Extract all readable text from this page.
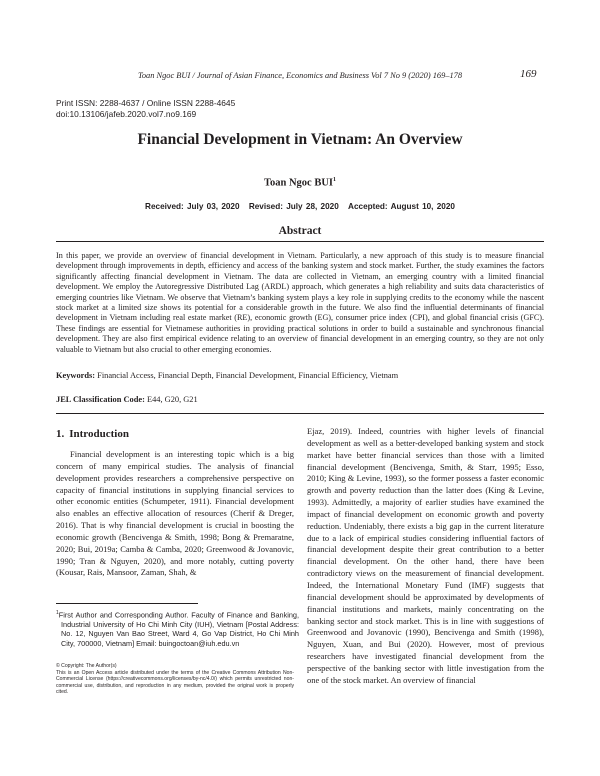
Toan Ngoc BUI / Journal of Asian Finance, Economics and Business Vol 7 No 9 (2020) 169–178	169
Print ISSN: 2288-4637 / Online ISSN 2288-4645
doi:10.13106/jafeb.2020.vol7.no9.169
Financial Development in Vietnam: An Overview
Toan Ngoc BUI$^1$
Received: July 03, 2020 Revised: July 28, 2020 Accepted: August 10, 2020
Abstract

In this paper, we provide an overview of financial development in Vietnam. Particularly, a new approach of this study is to measure financial development through improvements in depth, efficiency and access of the banking system and stock market. Further, the study examines the factors significantly affecting financial development in Vietnam. The data are collected in Vietnam, an emerging country with a limited financial development. We employ the Autoregressive Distributed Lag (ARDL) approach, which generates a high reliability and suits data characteristics of emerging countries like Vietnam. We observe that Vietnam’s banking system plays a key role in supplying credits to the economy while the nascent stock market at a limited size shows its potential for a considerable growth in the future. We also find the influential determinants of financial development in Vietnam including real estate market (RE), economic growth (EG), consumer price index (CPI), and global financial crisis (GFC). These findings are essential for Vietnamese authorities in providing practical solutions in order to build a sustainable and synchronous financial development. They are also first empirical evidence relating to an overview of financial development in an emerging country, so they are not only valuable to Vietnam but also crucial to other emerging economies.

Keywords: Financial Access, Financial Depth, Financial Development, Financial Efficiency, Vietnam
JEL Classification Code: E44, G20, G21
1. Introduction

Financial development is an interesting topic which is a big concern of many empirical studies. The analysis of financial development provides researchers a comprehensive perspective on capacity of financial institutions in supplying financial services to other economic entities (Schumpeter, 1911). Financial development also enables an effective allocation of resources (Cherif & Dreger, 2016). That is why financial development is crucial in boosting the economic growth (Bencivenga & Smith, 1998; Bong & Premaratne, 2020; Bui, 2019a; Camba & Camba, 2020; Greenwood & Jovanovic, 1990; Tran & Nguyen, 2020), and more notably, cutting poverty (Kousar, Rais, Mansoor, Zaman, Shah, &

Ejaz, 2019). Indeed, countries with higher levels of financial development as well as a better-developed banking system and stock market have better financial services than those with a limited financial development (Bencivenga, Smith, & Starr, 1995; Esso, 2010; King & Levine, 1993), so the former possess a faster economic growth and poverty reduction than the latter does (King & Levine, 1993). Admittedly, a majority of earlier studies have examined the impact of financial development on economic growth and poverty reduction. Undeniably, there exists a big gap in the current literature due to a lack of empirical studies considering influential factors of financial development despite their great contribution to a better financial development. On the other hand, there have been contradictory views on the measurement of financial development. Indeed, the International Monetary Fund (IMF) suggests that financial development should be approximated by developments of financial institutions and markets, mainly concentrating on the banking sector and stock market. This is in line with suggestions of Greenwood and Jovanovic (1990), Bencivenga and Smith (1998), Nguyen, Xuan, and Bui (2020). However, most of previous researchers have investigated financial development from the perspective of the banking sector with little investigation from the one of the stock market. An overview of financial

$^1$First Author and Corresponding Author. Faculty of Finance and Banking, Industrial University of Ho Chi Minh City (IUH), Vietnam [Postal Address: No. 12, Nguyen Van Bao Street, Ward 4, Go Vap District, Ho Chi Minh City, 700000, Vietnam] Email: buingoctoan@iuh.edu.vn

© Copyright: The Author(s)

This is an Open Access article distributed under the terms of the Creative Commons Attribution Non-Commercial License (https://creativecommons.org/licenses/by-nc/4.0/) which permits unrestricted non-commercial use, distribution, and reproduction in any medium, provided the original work is properly cited.
